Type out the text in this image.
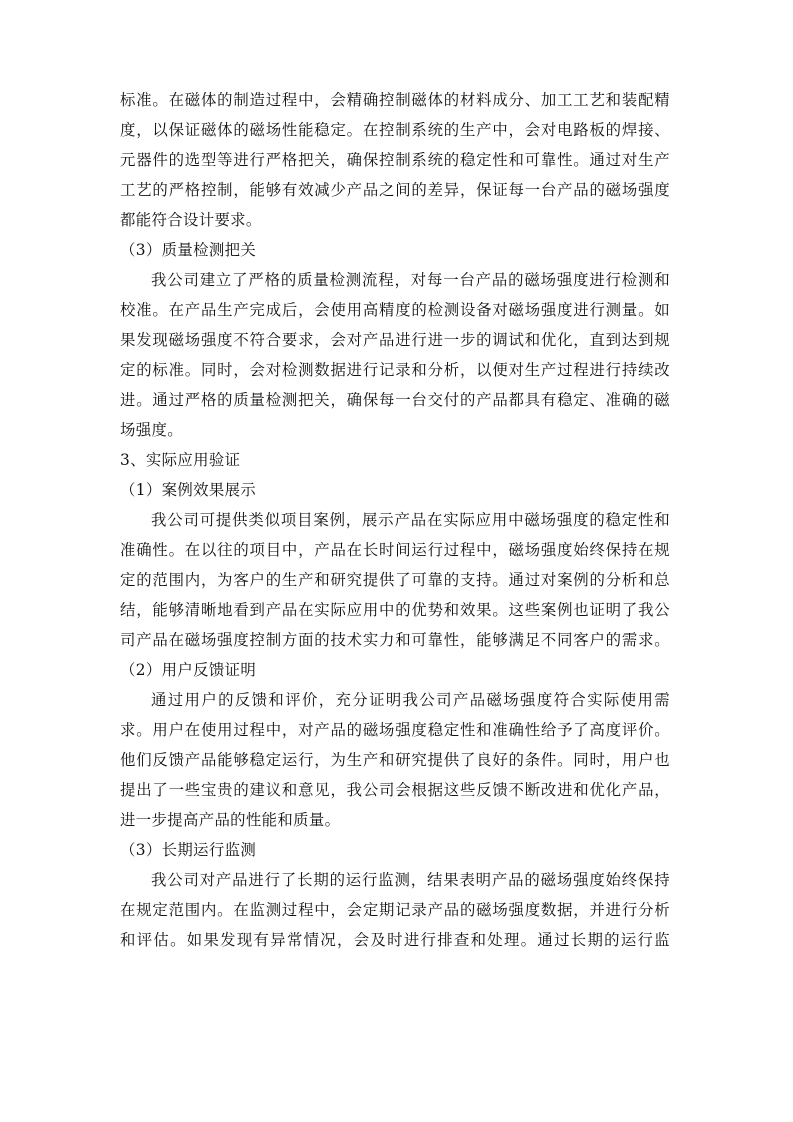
标准。在磁体的制造过程中，会精确控制磁体的材料成分、加工工艺和装配精
度，以保证磁体的磁场性能稳定。在控制系统的生产中，会对电路板的焊接、
元器件的选型等进行严格把关，确保控制系统的稳定性和可靠性。通过对生产
工艺的严格控制，能够有效减少产品之间的差异，保证每一台产品的磁场强度
都能符合设计要求。
（3）质量检测把关
我公司建立了严格的质量检测流程，对每一台产品的磁场强度进行检测和
校准。在产品生产完成后，会使用高精度的检测设备对磁场强度进行测量。如
果发现磁场强度不符合要求，会对产品进行进一步的调试和优化，直到达到规
定的标准。同时，会对检测数据进行记录和分析，以便对生产过程进行持续改
进。通过严格的质量检测把关，确保每一台交付的产品都具有稳定、准确的磁
场强度。
3、实际应用验证
（1）案例效果展示
我公司可提供类似项目案例，展示产品在实际应用中磁场强度的稳定性和
准确性。在以往的项目中，产品在长时间运行过程中，磁场强度始终保持在规
定的范围内，为客户的生产和研究提供了可靠的支持。通过对案例的分析和总
结，能够清晰地看到产品在实际应用中的优势和效果。这些案例也证明了我公
司产品在磁场强度控制方面的技术实力和可靠性，能够满足不同客户的需求。
（2）用户反馈证明
通过用户的反馈和评价，充分证明我公司产品磁场强度符合实际使用需
求。用户在使用过程中，对产品的磁场强度稳定性和准确性给予了高度评价。
他们反馈产品能够稳定运行，为生产和研究提供了良好的条件。同时，用户也
提出了一些宝贵的建议和意见，我公司会根据这些反馈不断改进和优化产品，
进一步提高产品的性能和质量。
（3）长期运行监测
我公司对产品进行了长期的运行监测，结果表明产品的磁场强度始终保持
在规定范围内。在监测过程中，会定期记录产品的磁场强度数据，并进行分析
和评估。如果发现有异常情况，会及时进行排查和处理。通过长期的运行监
